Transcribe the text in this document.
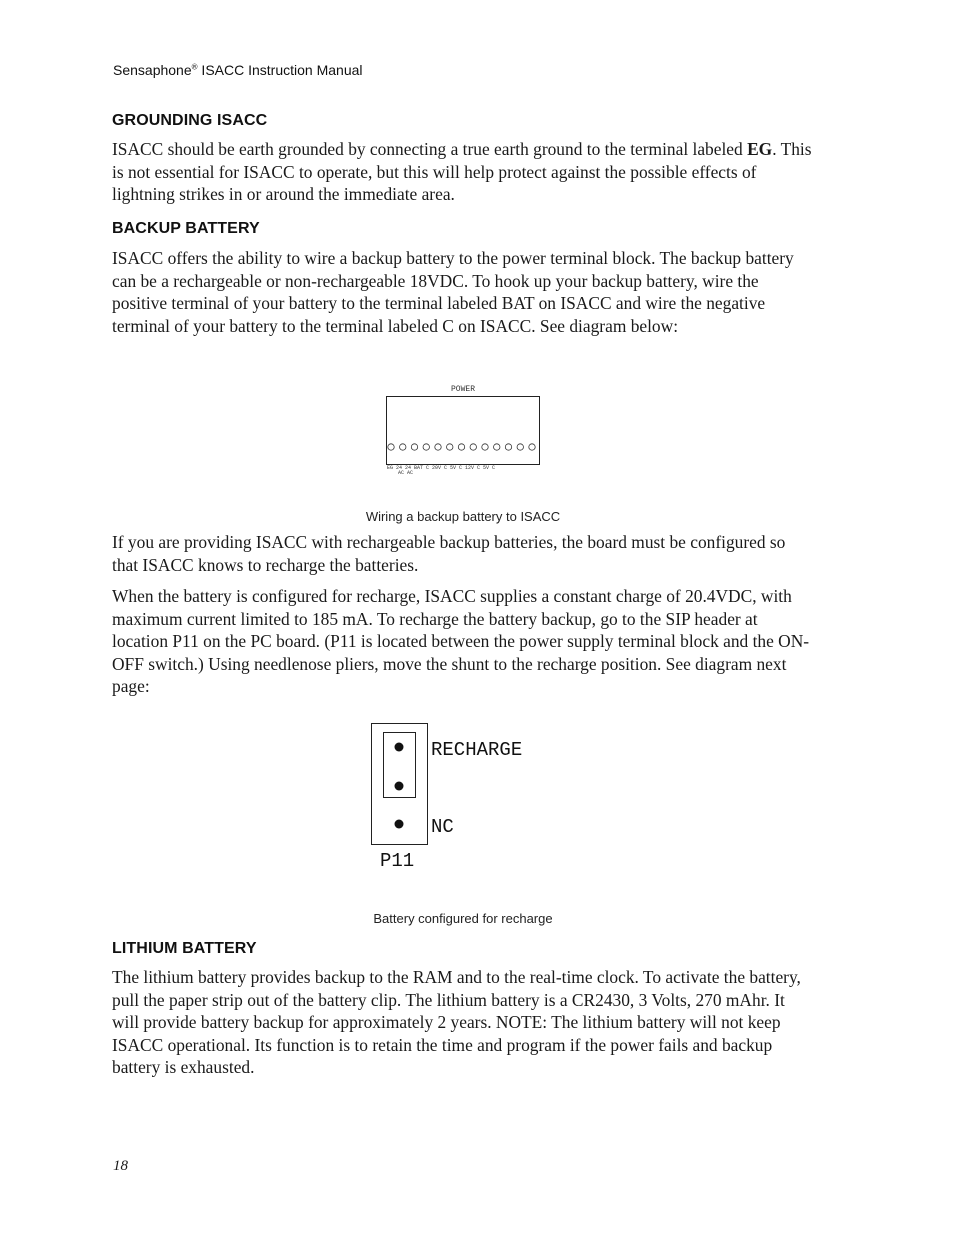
Sensaphone® ISACC Instruction Manual
GROUNDING ISACC
ISACC should be earth grounded by connecting a true earth ground to the terminal labeled EG. This is not essential for ISACC to operate, but this will help protect against the possible effects of lightning strikes in or around the immediate area.
BACKUP BATTERY
ISACC offers the ability to wire a backup battery to the power terminal block. The backup battery can be a rechargeable or non-rechargeable 18VDC. To hook up your backup battery, wire the positive terminal of your battery to the terminal labeled BAT on ISACC and wire the negative terminal of your battery to the terminal labeled C on ISACC. See diagram below:
POWER
EG 24 24 BAT C 20V C 5V C 12V C 5V C
AC AC
Wiring a backup battery to ISACC
If you are providing ISACC with rechargeable backup batteries, the board must be configured so that ISACC knows to recharge the batteries.
When the battery is configured for recharge, ISACC supplies a constant charge of 20.4VDC, with maximum current limited to 185 mA. To recharge the battery backup, go to the SIP header at location P11 on the PC board. (P11 is located between the power supply terminal block and the ON-OFF switch.) Using needlenose pliers, move the shunt to the recharge position. See diagram next page:
RECHARGE
NC
P11
Battery configured for recharge
LITHIUM BATTERY
The lithium battery provides backup to the RAM and to the real-time clock. To activate the battery, pull the paper strip out of the battery clip. The lithium battery is a CR2430, 3 Volts, 270 mAhr. It will provide battery backup for approximately 2 years. NOTE: The lithium battery will not keep ISACC operational. Its function is to retain the time and program if the power fails and backup battery is exhausted.
18
